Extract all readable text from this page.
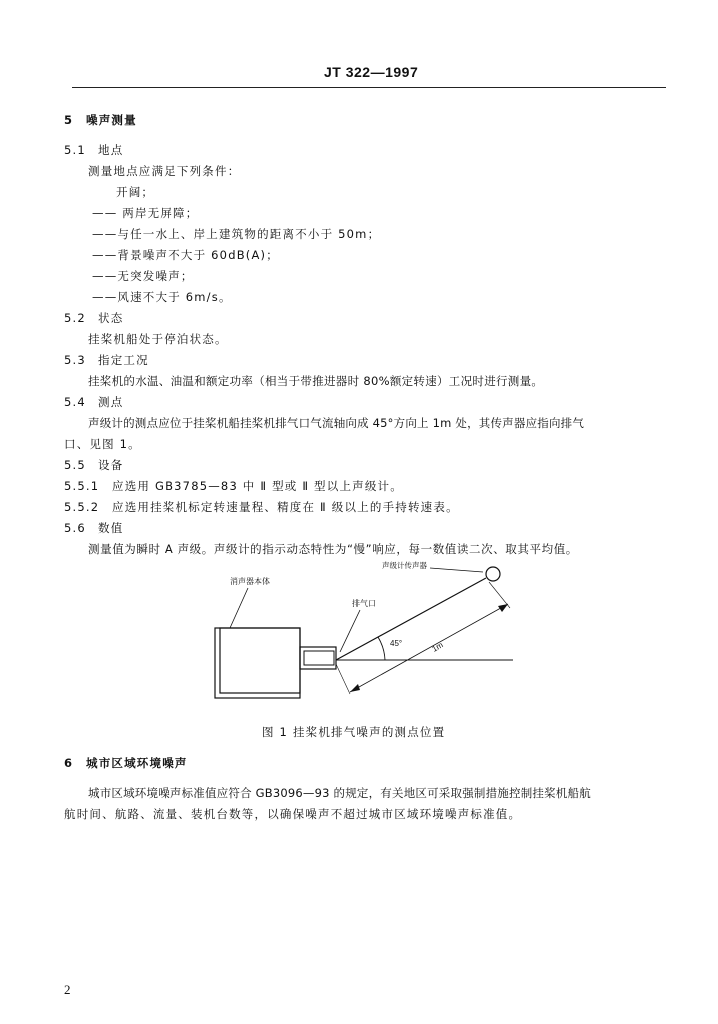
JT 322—1997
5 噪声测量
5.1 地点
测量地点应满足下列条件：
开阔；
—— 两岸无屏障；
——与任一水上、岸上建筑物的距离不小于 50m；
——背景噪声不大于 60dB(A)；
——无突发噪声；
——风速不大于 6m/s。
5.2 状态
挂桨机船处于停泊状态。
5.3 指定工况
挂桨机的水温、油温和额定功率（相当于带推进器时 80%额定转速）工况时进行测量。
5.4 测点
声级计的测点应位于挂桨机船挂桨机排气口气流轴向成 45°方向上 1m 处，其传声器应指向排气
口、见图 1。
5.5 设备
5.5.1 应选用 GB3785—83 中 Ⅱ 型或 Ⅱ 型以上声级计。
5.5.2 应选用挂桨机标定转速量程、精度在 Ⅱ 级以上的手持转速表。
5.6 数值
测量值为瞬时 A 声级。声级计的指示动态特性为“慢”响应，每一数值读二次、取其平均值。
消声器本体
声级计传声器
排气口
45°	1m
图 1 挂桨机排气噪声的测点位置
6 城市区域环境噪声
城市区域环境噪声标准值应符合 GB3096—93 的规定，有关地区可采取强制措施控制挂桨机船航
航时间、航路、流量、装机台数等，以确保噪声不超过城市区域环境噪声标准值。
2
